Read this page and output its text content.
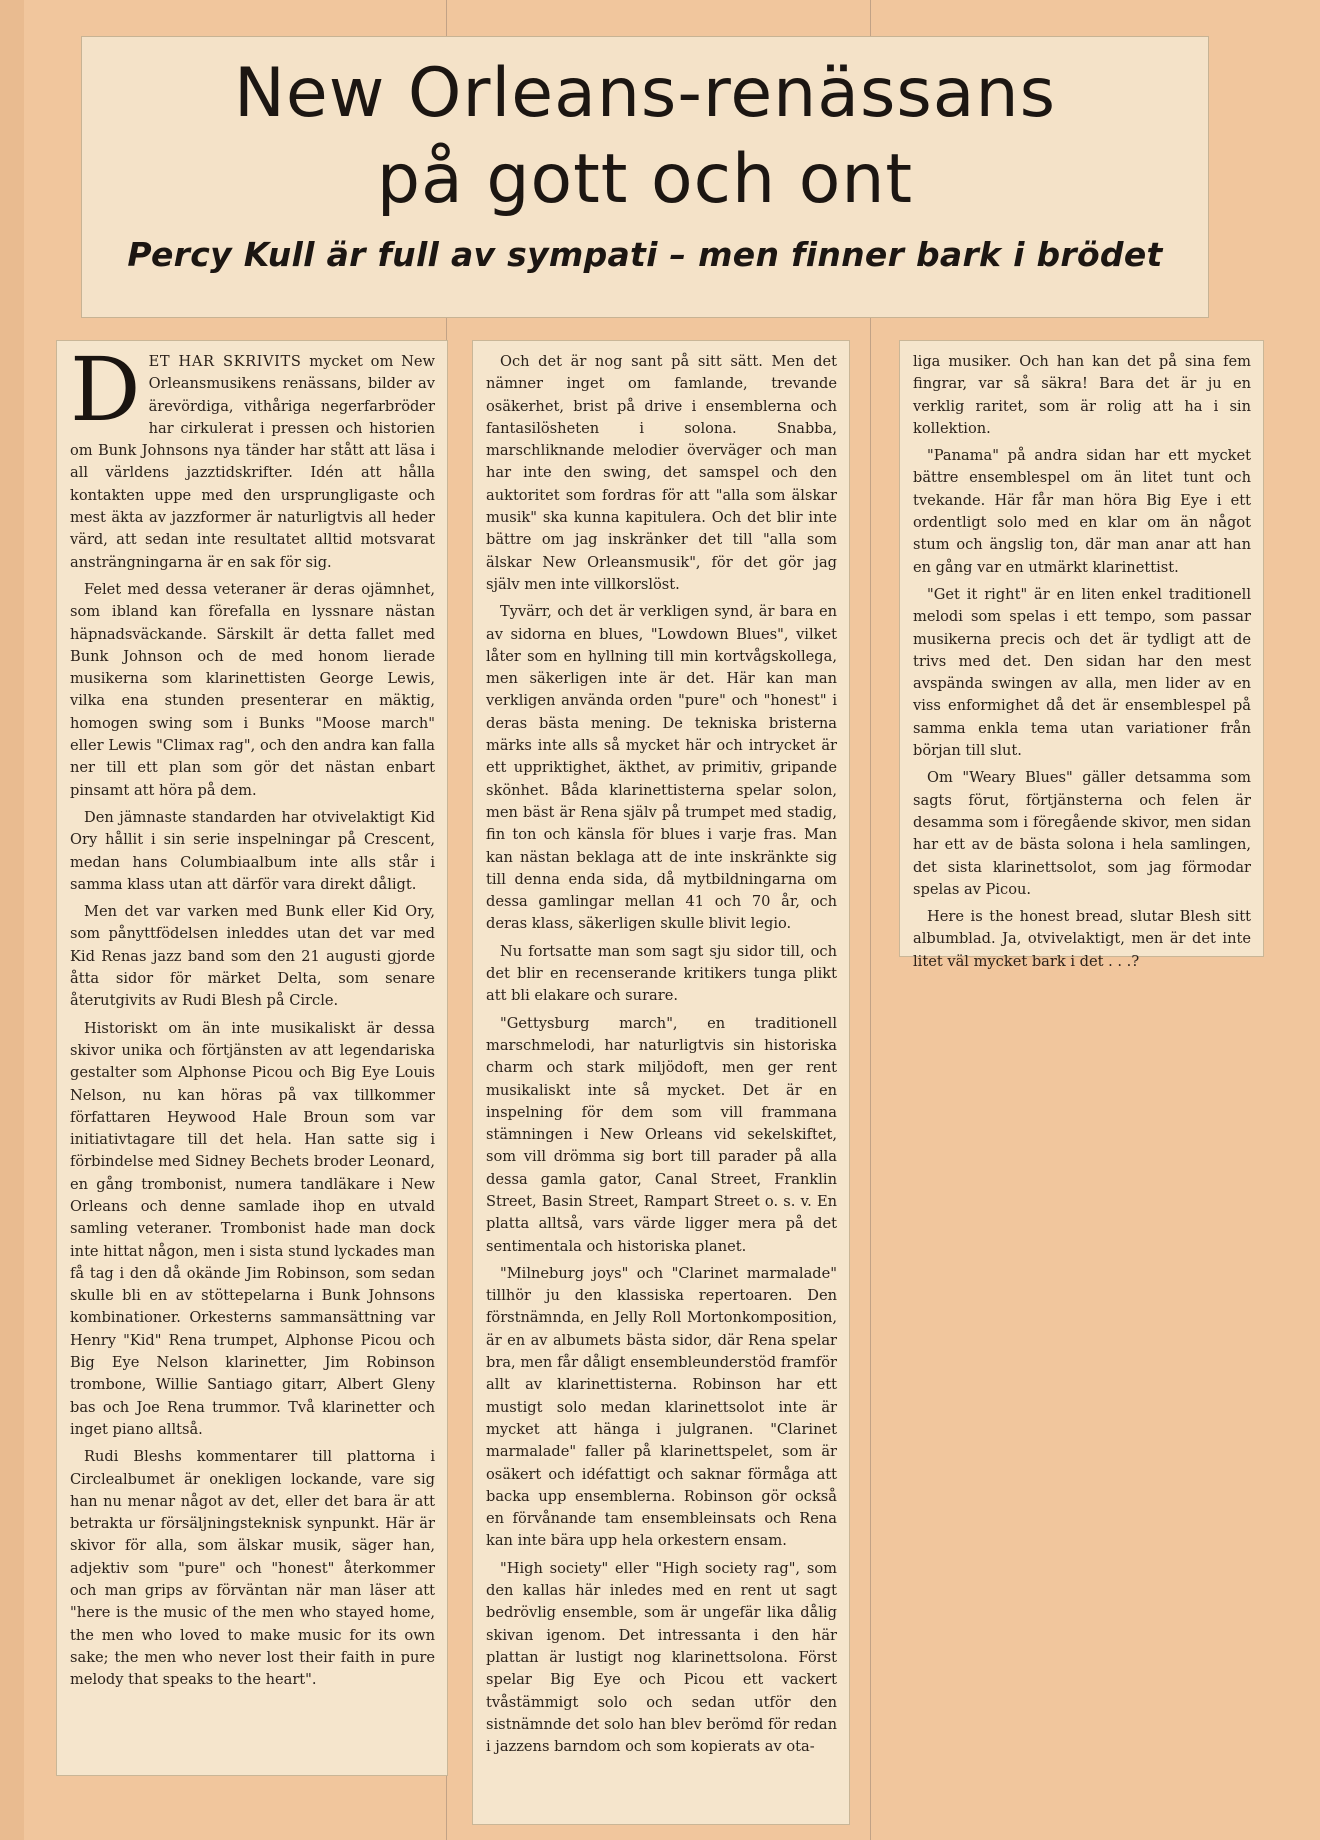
New Orleans-renässans
på gott och ont
Percy Kull är full av sympati – men finner bark i brödet

DET HAR SKRIVITS mycket om New Orleansmusikens renässans, bilder av ärevördiga, vithåriga negerfarbröder har cirkulerat i pressen och historien om Bunk Johnsons nya tänder har stått att läsa i all världens jazztidskrifter. Idén att hålla kontakten uppe med den ursprungligaste och mest äkta av jazzformer är naturligtvis all heder värd, att sedan inte resultatet alltid motsvarat ansträngningarna är en sak för sig.

Felet med dessa veteraner är deras ojämnhet, som ibland kan förefalla en lyssnare nästan häpnadsväckande. Särskilt är detta fallet med Bunk Johnson och de med honom lierade musikerna som klarinettisten George Lewis, vilka ena stunden presenterar en mäktig, homogen swing som i Bunks "Moose march" eller Lewis "Climax rag", och den andra kan falla ner till ett plan som gör det nästan enbart pinsamt att höra på dem.

Den jämnaste standarden har otvivelaktigt Kid Ory hållit i sin serie inspelningar på Crescent, medan hans Columbiaalbum inte alls står i samma klass utan att därför vara direkt dåligt.

Men det var varken med Bunk eller Kid Ory, som pånyttfödelsen inleddes utan det var med Kid Renas jazz band som den 21 augusti gjorde åtta sidor för märket Delta, som senare återutgivits av Rudi Blesh på Circle.

Historiskt om än inte musikaliskt är dessa skivor unika och förtjänsten av att legendariska gestalter som Alphonse Picou och Big Eye Louis Nelson, nu kan höras på vax tillkommer författaren Heywood Hale Broun som var initiativtagare till det hela. Han satte sig i förbindelse med Sidney Bechets broder Leonard, en gång trombonist, numera tandläkare i New Orleans och denne samlade ihop en utvald samling veteraner. Trombonist hade man dock inte hittat någon, men i sista stund lyckades man få tag i den då okände Jim Robinson, som sedan skulle bli en av stöttepelarna i Bunk Johnsons kombinationer. Orkesterns sammansättning var Henry "Kid" Rena trumpet, Alphonse Picou och Big Eye Nelson klarinetter, Jim Robinson trombone, Willie Santiago gitarr, Albert Gleny bas och Joe Rena trummor. Två klarinetter och inget piano alltså.

Rudi Bleshs kommentarer till plattorna i Circlealbumet är onekligen lockande, vare sig han nu menar något av det, eller det bara är att betrakta ur försäljningsteknisk synpunkt. Här är skivor för alla, som älskar musik, säger han, adjektiv som "pure" och "honest" återkommer och man grips av förväntan när man läser att "here is the music of the men who stayed home, the men who loved to make music for its own sake; the men who never lost their faith in pure melody that speaks to the heart".

Och det är nog sant på sitt sätt. Men det nämner inget om famlande, trevande osäkerhet, brist på drive i ensemblerna och fantasilösheten i solona. Snabba, marschliknande melodier överväger och man har inte den swing, det samspel och den auktoritet som fordras för att "alla som älskar musik" ska kunna kapitulera. Och det blir inte bättre om jag inskränker det till "alla som älskar New Orleansmusik", för det gör jag själv men inte villkorslöst.

Tyvärr, och det är verkligen synd, är bara en av sidorna en blues, "Lowdown Blues", vilket låter som en hyllning till min kortvågskollega, men säkerligen inte är det. Här kan man verkligen använda orden "pure" och "honest" i deras bästa mening. De tekniska bristerna märks inte alls så mycket här och intrycket är ett uppriktighet, äkthet, av primitiv, gripande skönhet. Båda klarinettisterna spelar solon, men bäst är Rena själv på trumpet med stadig, fin ton och känsla för blues i varje fras. Man kan nästan beklaga att de inte inskränkte sig till denna enda sida, då mytbildningarna om dessa gamlingar mellan 41 och 70 år, och deras klass, säkerligen skulle blivit legio.

Nu fortsatte man som sagt sju sidor till, och det blir en recenserande kritikers tunga plikt att bli elakare och surare.

"Gettysburg march", en traditionell marschmelodi, har naturligtvis sin historiska charm och stark miljödoft, men ger rent musikaliskt inte så mycket. Det är en inspelning för dem som vill frammana stämningen i New Orleans vid sekelskiftet, som vill drömma sig bort till parader på alla dessa gamla gator, Canal Street, Franklin Street, Basin Street, Rampart Street o. s. v. En platta alltså, vars värde ligger mera på det sentimentala och historiska planet.

"Milneburg joys" och "Clarinet marmalade" tillhör ju den klassiska repertoaren. Den förstnämnda, en Jelly Roll Mortonkomposition, är en av albumets bästa sidor, där Rena spelar bra, men får dåligt ensembleunderstöd framför allt av klarinettisterna. Robinson har ett mustigt solo medan klarinettsolot inte är mycket att hänga i julgranen. "Clarinet marmalade" faller på klarinettspelet, som är osäkert och idéfattigt och saknar förmåga att backa upp ensemblerna. Robinson gör också en förvånande tam ensembleinsats och Rena kan inte bära upp hela orkestern ensam.

"High society" eller "High society rag", som den kallas här inledes med en rent ut sagt bedrövlig ensemble, som är ungefär lika dålig skivan igenom. Det intressanta i den här plattan är lustigt nog klarinettsolona. Först spelar Big Eye och Picou ett vackert tvåstämmigt solo och sedan utför den sistnämnde det solo han blev berömd för redan i jazzens barndom och som kopierats av ota-

liga musiker. Och han kan det på sina fem fingrar, var så säkra! Bara det är ju en verklig raritet, som är rolig att ha i sin kollektion.

"Panama" på andra sidan har ett mycket bättre ensemblespel om än litet tunt och tvekande. Här får man höra Big Eye i ett ordentligt solo med en klar om än något stum och ängslig ton, där man anar att han en gång var en utmärkt klarinettist.

"Get it right" är en liten enkel traditionell melodi som spelas i ett tempo, som passar musikerna precis och det är tydligt att de trivs med det. Den sidan har den mest avspända swingen av alla, men lider av en viss enformighet då det är ensemblespel på samma enkla tema utan variationer från början till slut.

Om "Weary Blues" gäller detsamma som sagts förut, förtjänsterna och felen är desamma som i föregående skivor, men sidan har ett av de bästa solona i hela samlingen, det sista klarinettsolot, som jag förmodar spelas av Picou.

Here is the honest bread, slutar Blesh sitt albumblad. Ja, otvivelaktigt, men är det inte litet väl mycket bark i det . . .?
